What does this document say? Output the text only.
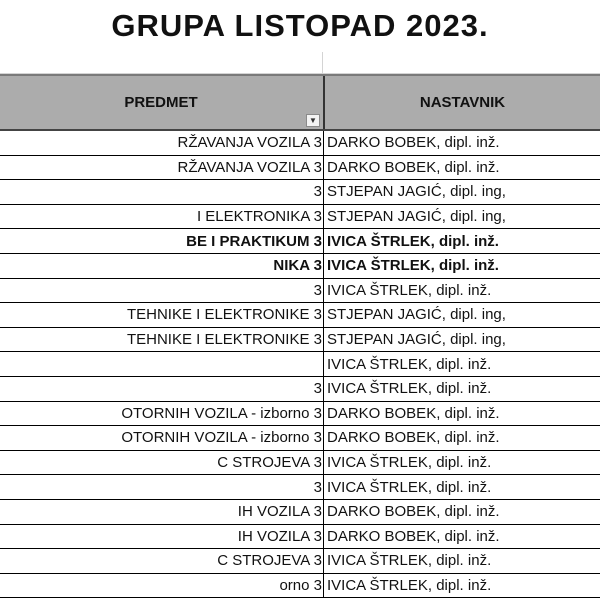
GRUPA LISTOPAD 2023.
PREDMET
▼
NASTAVNIK
RŽAVANJA VOZILA 3 DARKO BOBEK, dipl. inž.
RŽAVANJA VOZILA 3 DARKO BOBEK, dipl. inž.
3 STJEPAN JAGIĆ, dipl. ing,
I ELEKTRONIKA 3 STJEPAN JAGIĆ, dipl. ing,
BE I PRAKTIKUM 3 IVICA ŠTRLEK, dipl. inž.
NIKA 3 IVICA ŠTRLEK, dipl. inž.
3 IVICA ŠTRLEK, dipl. inž.
TEHNIKE I ELEKTRONIKE 3 STJEPAN JAGIĆ, dipl. ing,
TEHNIKE I ELEKTRONIKE 3 STJEPAN JAGIĆ, dipl. ing,
IVICA ŠTRLEK, dipl. inž.
3 IVICA ŠTRLEK, dipl. inž.
OTORNIH VOZILA - izborno 3 DARKO BOBEK, dipl. inž.
OTORNIH VOZILA - izborno 3 DARKO BOBEK, dipl. inž.
C STROJEVA 3 IVICA ŠTRLEK, dipl. inž.
3 IVICA ŠTRLEK, dipl. inž.
IH VOZILA 3 DARKO BOBEK, dipl. inž.
IH VOZILA 3 DARKO BOBEK, dipl. inž.
C STROJEVA 3 IVICA ŠTRLEK, dipl. inž.
orno 3 IVICA ŠTRLEK, dipl. inž.
